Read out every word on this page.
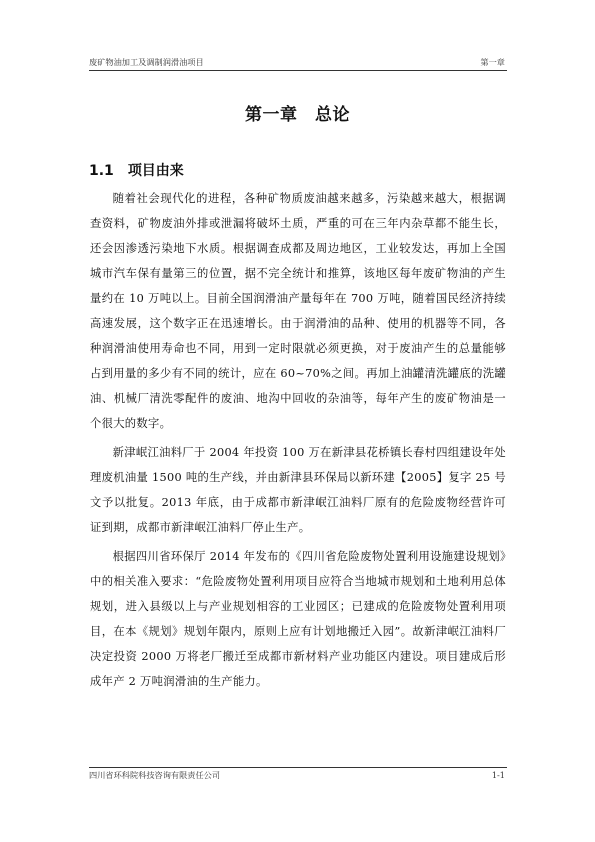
废矿物油加工及调制润滑油项目	第一章
第一章　总论
1.1 项目由来

随着社会现代化的进程，各种矿物质废油越来越多，污染越来越大，根据调查资料，矿物废油外排或泄漏将破坏土质，严重的可在三年内杂草都不能生长，还会因渗透污染地下水质。根据调查成都及周边地区，工业较发达，再加上全国城市汽车保有量第三的位置，据不完全统计和推算，该地区每年废矿物油的产生量约在 10 万吨以上。目前全国润滑油产量每年在 700 万吨，随着国民经济持续高速发展，这个数字正在迅速增长。由于润滑油的品种、使用的机器等不同，各种润滑油使用寿命也不同，用到一定时限就必须更换，对于废油产生的总量能够占到用量的多少有不同的统计，应在 60~70%之间。再加上油罐清洗罐底的洗罐油、机械厂清洗零配件的废油、地沟中回收的杂油等，每年产生的废矿物油是一个很大的数字。

新津岷江油料厂于 2004 年投资 100 万在新津县花桥镇长春村四组建设年处理废机油量 1500 吨的生产线，并由新津县环保局以新环建【2005】复字 25 号文予以批复。2013 年底，由于成都市新津岷江油料厂原有的危险废物经营许可证到期，成都市新津岷江油料厂停止生产。

根据四川省环保厅 2014 年发布的《四川省危险废物处置利用设施建设规划》中的相关准入要求：“危险废物处置利用项目应符合当地城市规划和土地利用总体规划，进入县级以上与产业规划相容的工业园区；已建成的危险废物处置利用项目，在本《规划》规划年限内，原则上应有计划地搬迁入园”。故新津岷江油料厂决定投资 2000 万将老厂搬迁至成都市新材料产业功能区内建设。项目建成后形成年产 2 万吨润滑油的生产能力。

四川省环科院科技咨询有限责任公司	1-1
